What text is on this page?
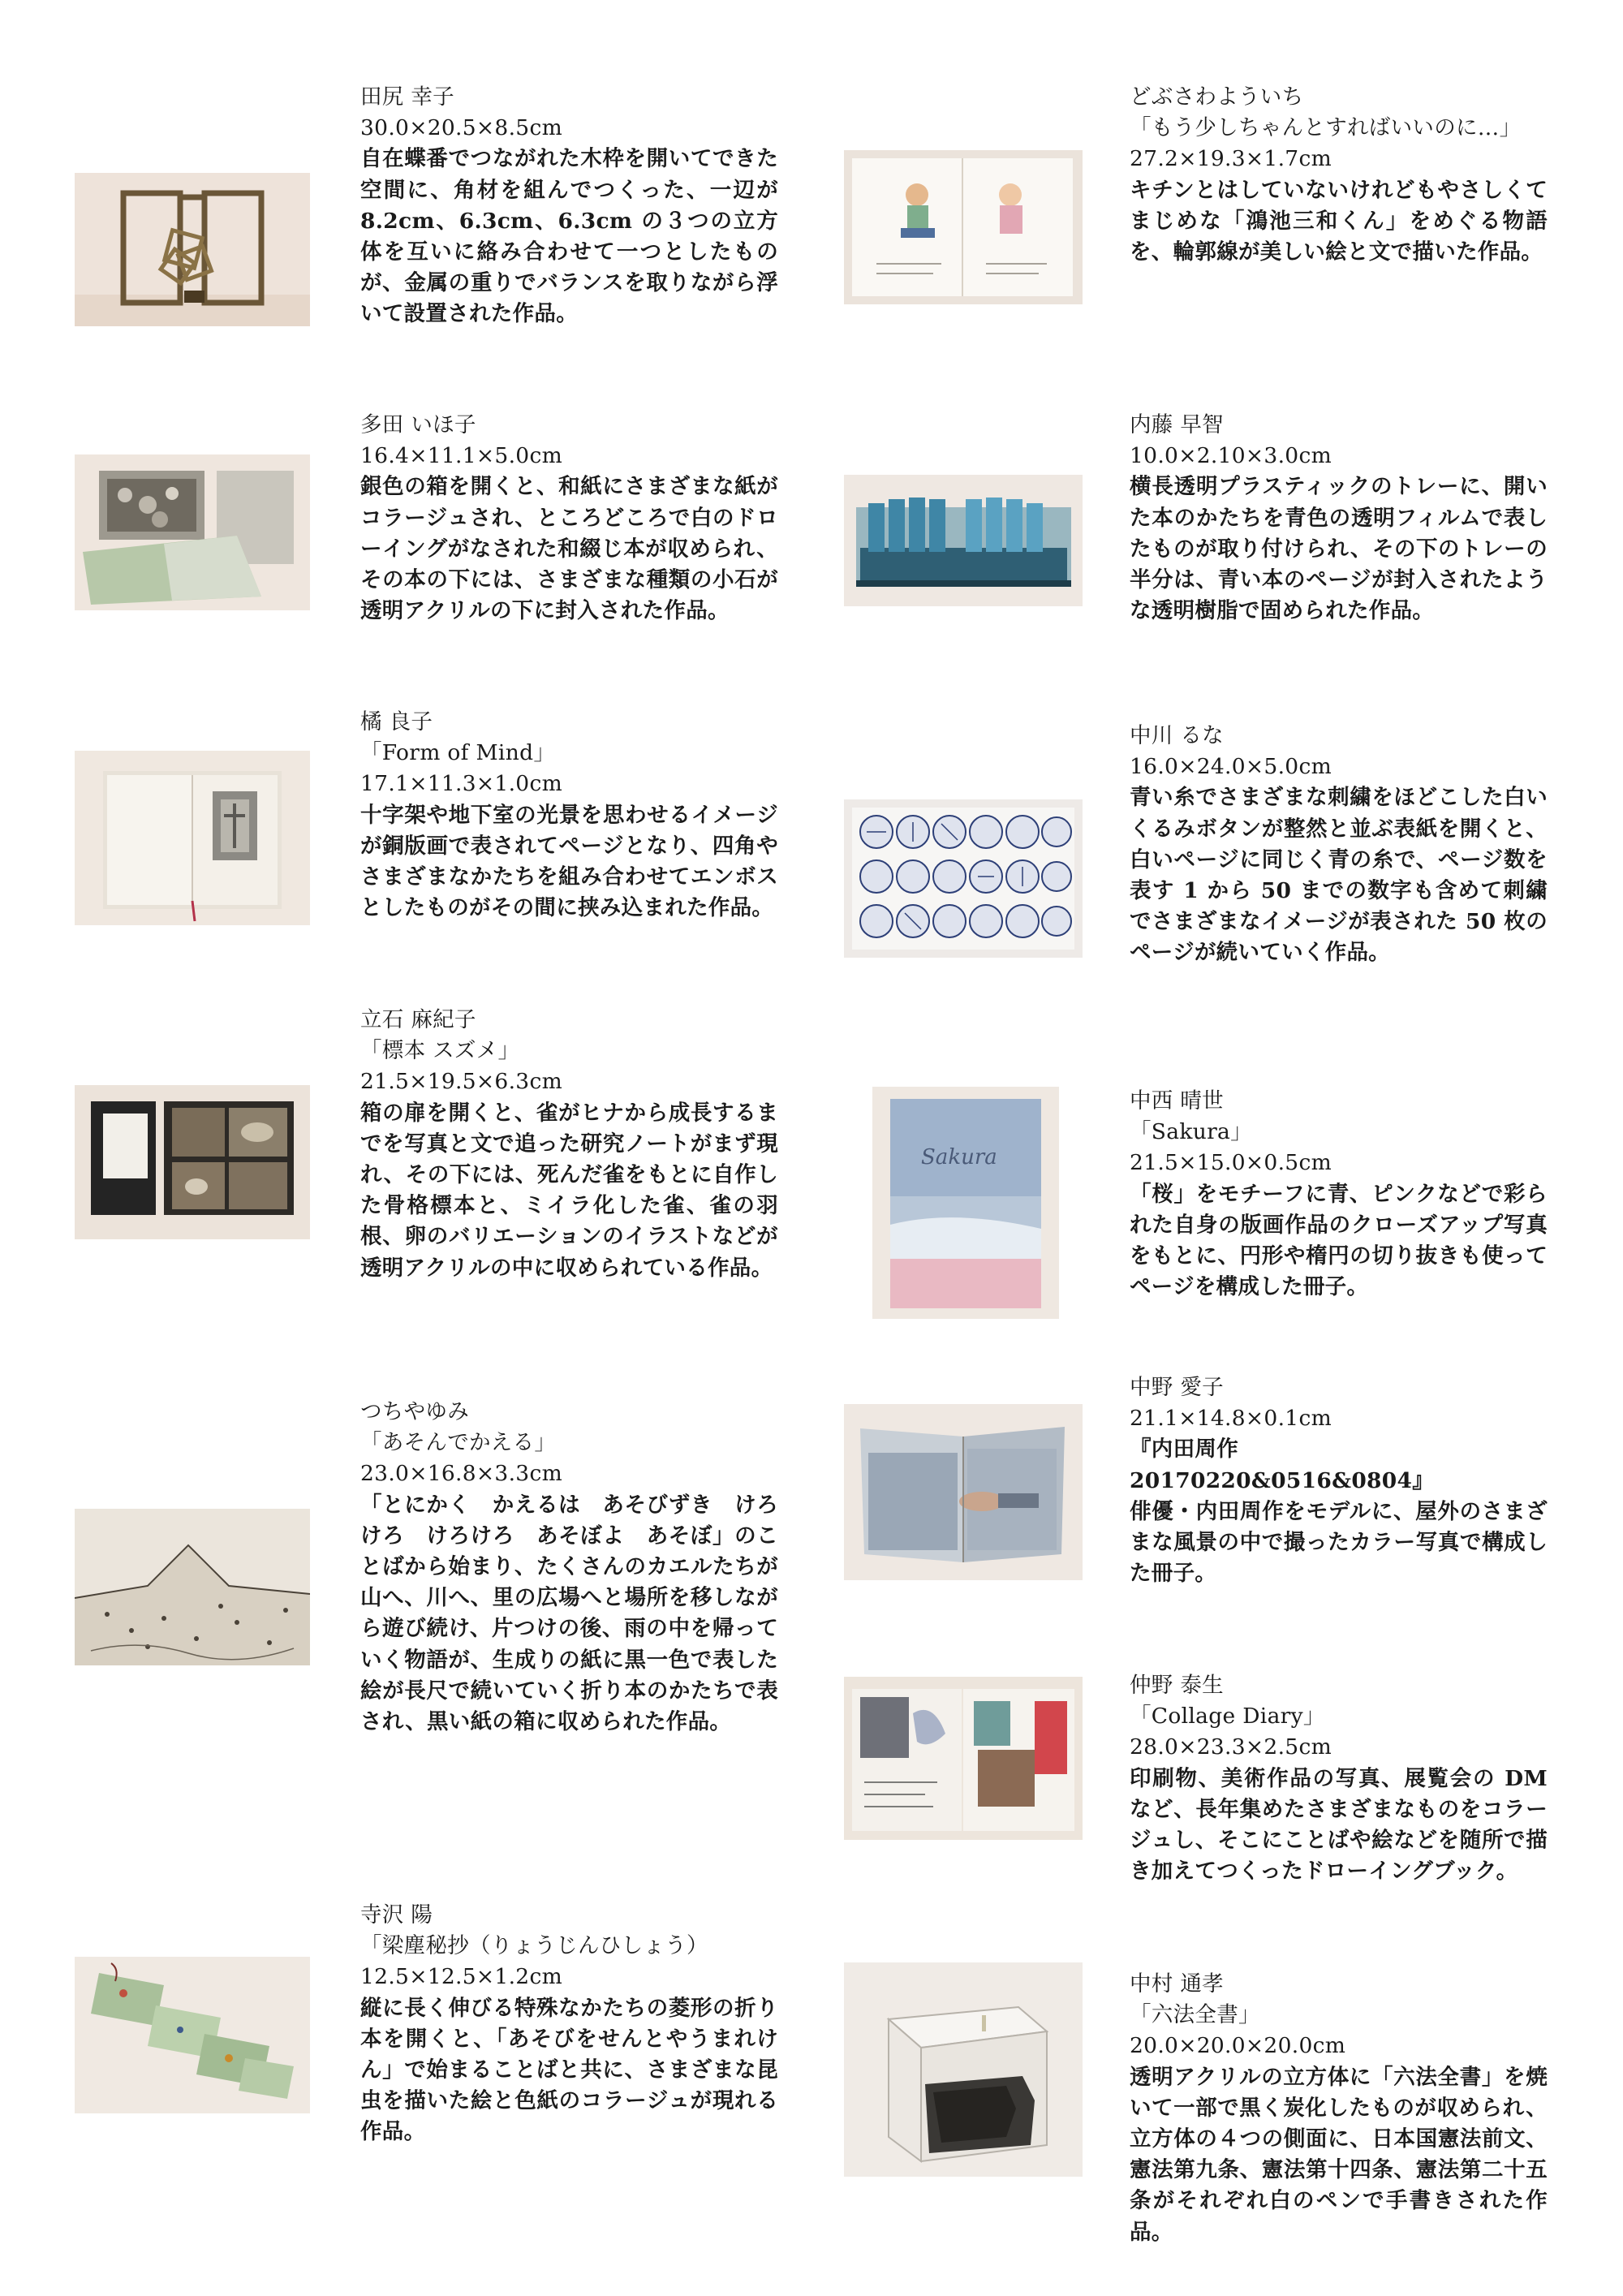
田尻 幸子
30.0×20.5×8.5cm
自在蝶番でつながれた木枠を開いてできた空間に、角材を組んでつくった、一辺が 8.2cm、6.3cm、6.3cm の３つの立方体を互いに絡み合わせて一つとしたものが、金属の重りでバランスを取りながら浮いて設置された作品。
多田 いほ子
16.4×11.1×5.0cm
銀色の箱を開くと、和紙にさまざまな紙がコラージュされ、ところどころで白のドローイングがなされた和綴じ本が収められ、その本の下には、さまざまな種類の小石が透明アクリルの下に封入された作品。
橘 良子
「Form of Mind」
17.1×11.3×1.0cm
十字架や地下室の光景を思わせるイメージが銅版画で表されてページとなり、四角やさまざまなかたちを組み合わせてエンボスとしたものがその間に挟み込まれた作品。
立石 麻紀子
「標本 スズメ」
21.5×19.5×6.3cm
箱の扉を開くと、雀がヒナから成長するまでを写真と文で追った研究ノートがまず現れ、その下には、死んだ雀をもとに自作した骨格標本と、ミイラ化した雀、雀の羽根、卵のバリエーションのイラストなどが透明アクリルの中に収められている作品。
つちやゆみ
「あそんでかえる」
23.0×16.8×3.3cm
「とにかく　かえるは　あそびずき　けろけろ　けろけろ　あそぼよ　あそぼ」のことばから始まり、たくさんのカエルたちが山へ、川へ、里の広場へと場所を移しながら遊び続け、片つけの後、雨の中を帰っていく物語が、生成りの紙に黒一色で表した絵が長尺で続いていく折り本のかたちで表され、黒い紙の箱に収められた作品。
寺沢 陽
「梁塵秘抄（りょうじんひしょう）
12.5×12.5×1.2cm
縦に長く伸びる特殊なかたちの菱形の折り本を開くと、「あそびをせんとやうまれけん」で始まることばと共に、さまざまな昆虫を描いた絵と色紙のコラージュが現れる作品。
どぶさわよういち
「もう少しちゃんとすればいいのに…」
27.2×19.3×1.7cm
キチンとはしていないけれどもやさしくてまじめな「鴻池三和くん」をめぐる物語を、輪郭線が美しい絵と文で描いた作品。
内藤 早智
10.0×2.10×3.0cm
横長透明プラスティックのトレーに、開いた本のかたちを青色の透明フィルムで表したものが取り付けられ、その下のトレーの半分は、青い本のページが封入されたような透明樹脂で固められた作品。
中川 るな
16.0×24.0×5.0cm
青い糸でさまざまな刺繍をほどこした白いくるみボタンが整然と並ぶ表紙を開くと、白いページに同じく青の糸で、ページ数を表す 1 から 50 までの数字も含めて刺繍でさまざまなイメージが表された 50 枚のページが続いていく作品。
Sakura
中西 晴世
「Sakura」
21.5×15.0×0.5cm
「桜」をモチーフに青、ピンクなどで彩られた自身の版画作品のクローズアップ写真をもとに、円形や楕円の切り抜きも使ってページを構成した冊子。
中野 愛子
21.1×14.8×0.1cm
『内田周作
20170220&0516&0804』
俳優・内田周作をモデルに、屋外のさまざまな風景の中で撮ったカラー写真で構成した冊子。
仲野 泰生
「Collage Diary」
28.0×23.3×2.5cm
印刷物、美術作品の写真、展覧会の DM など、長年集めたさまざまなものをコラージュし、そこにことばや絵などを随所で描き加えてつくったドローイングブック。
中村 通孝
「六法全書」
20.0×20.0×20.0cm
透明アクリルの立方体に「六法全書」を焼いて一部で黒く炭化したものが収められ、立方体の４つの側面に、日本国憲法前文、憲法第九条、憲法第十四条、憲法第二十五条がそれぞれ白のペンで手書きされた作品。
